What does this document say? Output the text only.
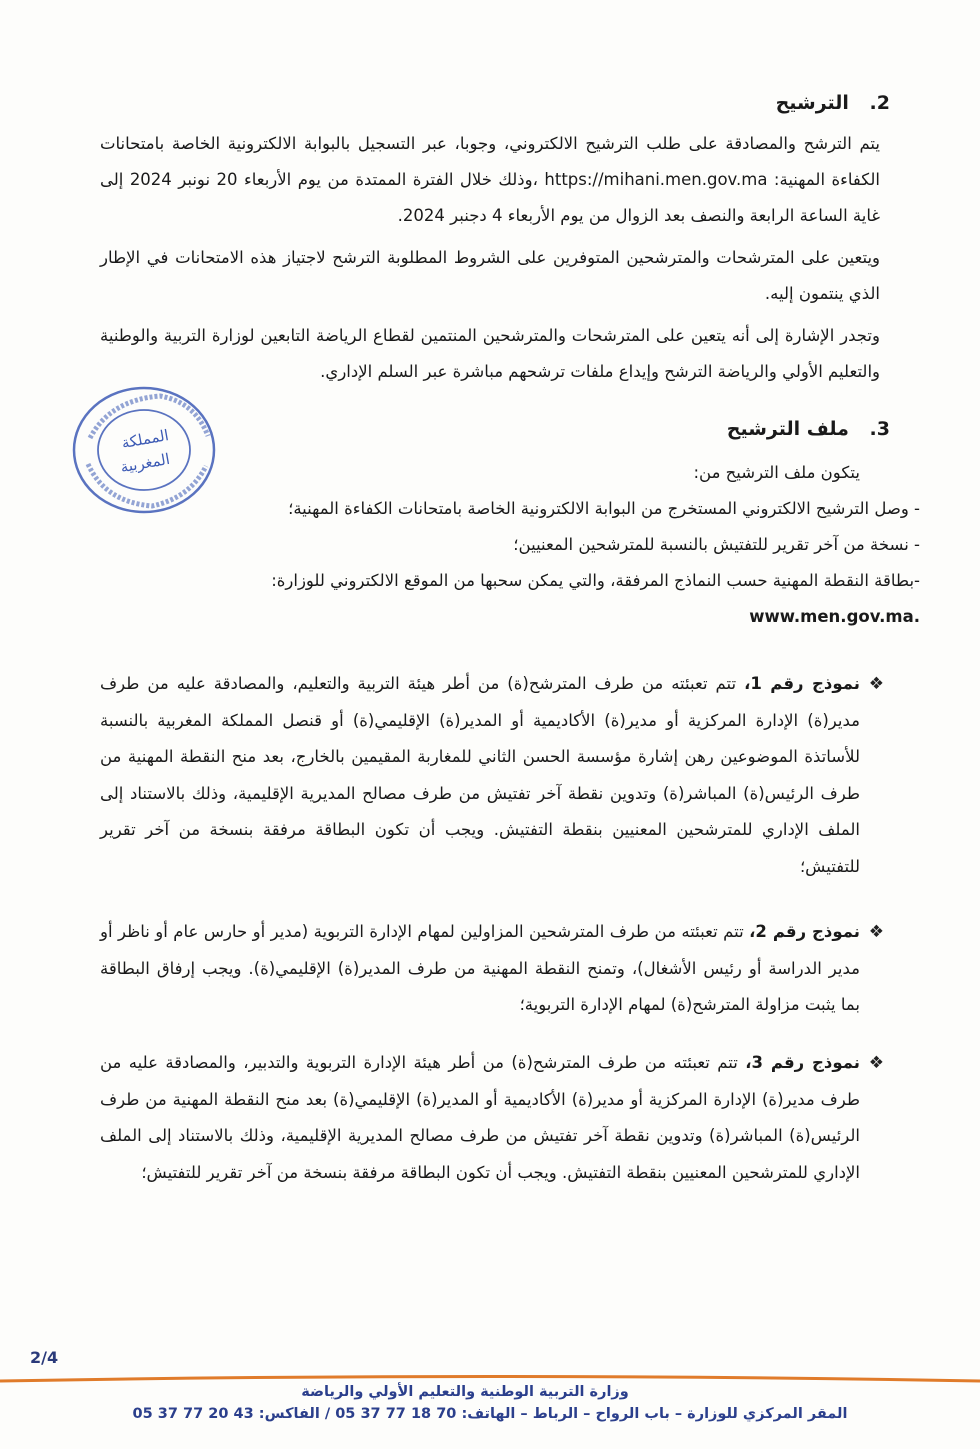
2. الترشيح

يتم الترشح والمصادقة على طلب الترشيح الالكتروني، وجوبا، عبر التسجيل بالبوابة الالكترونية الخاصة بامتحانات الكفاءة المهنية: https://mihani.men.gov.ma ،وذلك خلال الفترة الممتدة من يوم الأربعاء 20 نونبر 2024 إلى غاية الساعة الرابعة والنصف بعد الزوال من يوم الأربعاء 4 دجنبر 2024.

ويتعين على المترشحات والمترشحين المتوفرين على الشروط المطلوبة الترشح لاجتياز هذه الامتحانات في الإطار الذي ينتمون إليه.

وتجدر الإشارة إلى أنه يتعين على المترشحات والمترشحين المنتمين لقطاع الرياضة التابعين لوزارة التربية والوطنية والتعليم الأولي والرياضة الترشح وإيداع ملفات ترشحهم مباشرة عبر السلم الإداري.

المملكة
المغربية
3. ملف الترشيح
يتكون ملف الترشيح من:
- وصل الترشيح الالكتروني المستخرج من البوابة الالكترونية الخاصة بامتحانات الكفاءة المهنية؛
- نسخة من آخر تقرير للتفتيش بالنسبة للمترشحين المعنيين؛
-بطاقة النقطة المهنية حسب النماذج المرفقة، والتي يمكن سحبها من الموقع الالكتروني للوزارة:
www.men.gov.ma.
❖
نموذج رقم 1، تتم تعبئته من طرف المترشح(ة) من أطر هيئة التربية والتعليم، والمصادقة عليه من طرف مدير(ة) الإدارة المركزية أو مدير(ة) الأكاديمية أو المدير(ة) الإقليمي(ة) أو قنصل المملكة المغربية بالنسبة للأساتذة الموضوعين رهن إشارة مؤسسة الحسن الثاني للمغاربة المقيمين بالخارج، بعد منح النقطة المهنية من طرف الرئيس(ة) المباشر(ة) وتدوين نقطة آخر تفتيش من طرف مصالح المديرية الإقليمية، وذلك بالاستناد إلى الملف الإداري للمترشحين المعنيين بنقطة التفتيش. ويجب أن تكون البطاقة مرفقة بنسخة من آخر تقرير للتفتيش؛
❖
نموذج رقم 2، تتم تعبئته من طرف المترشحين المزاولين لمهام الإدارة التربوية (مدير أو حارس عام أو ناظر أو مدير الدراسة أو رئيس الأشغال)، وتمنح النقطة المهنية من طرف المدير(ة) الإقليمي(ة). ويجب إرفاق البطاقة بما يثبت مزاولة المترشح(ة) لمهام الإدارة التربوية؛
❖
نموذج رقم 3، تتم تعبئته من طرف المترشح(ة) من أطر هيئة الإدارة التربوية والتدبير، والمصادقة عليه من طرف مدير(ة) الإدارة المركزية أو مدير(ة) الأكاديمية أو المدير(ة) الإقليمي(ة) بعد منح النقطة المهنية من طرف الرئيس(ة) المباشر(ة) وتدوين نقطة آخر تفتيش من طرف مصالح المديرية الإقليمية، وذلك بالاستناد إلى الملف الإداري للمترشحين المعنيين بنقطة التفتيش. ويجب أن تكون البطاقة مرفقة بنسخة من آخر تقرير للتفتيش؛
2/4
وزارة التربية الوطنية والتعليم الأولي والرياضة
المقر المركزي للوزارة – باب الرواح – الرباط – الهاتف: 70 18 77 37 05 / الفاكس: 43 20 77 37 05
